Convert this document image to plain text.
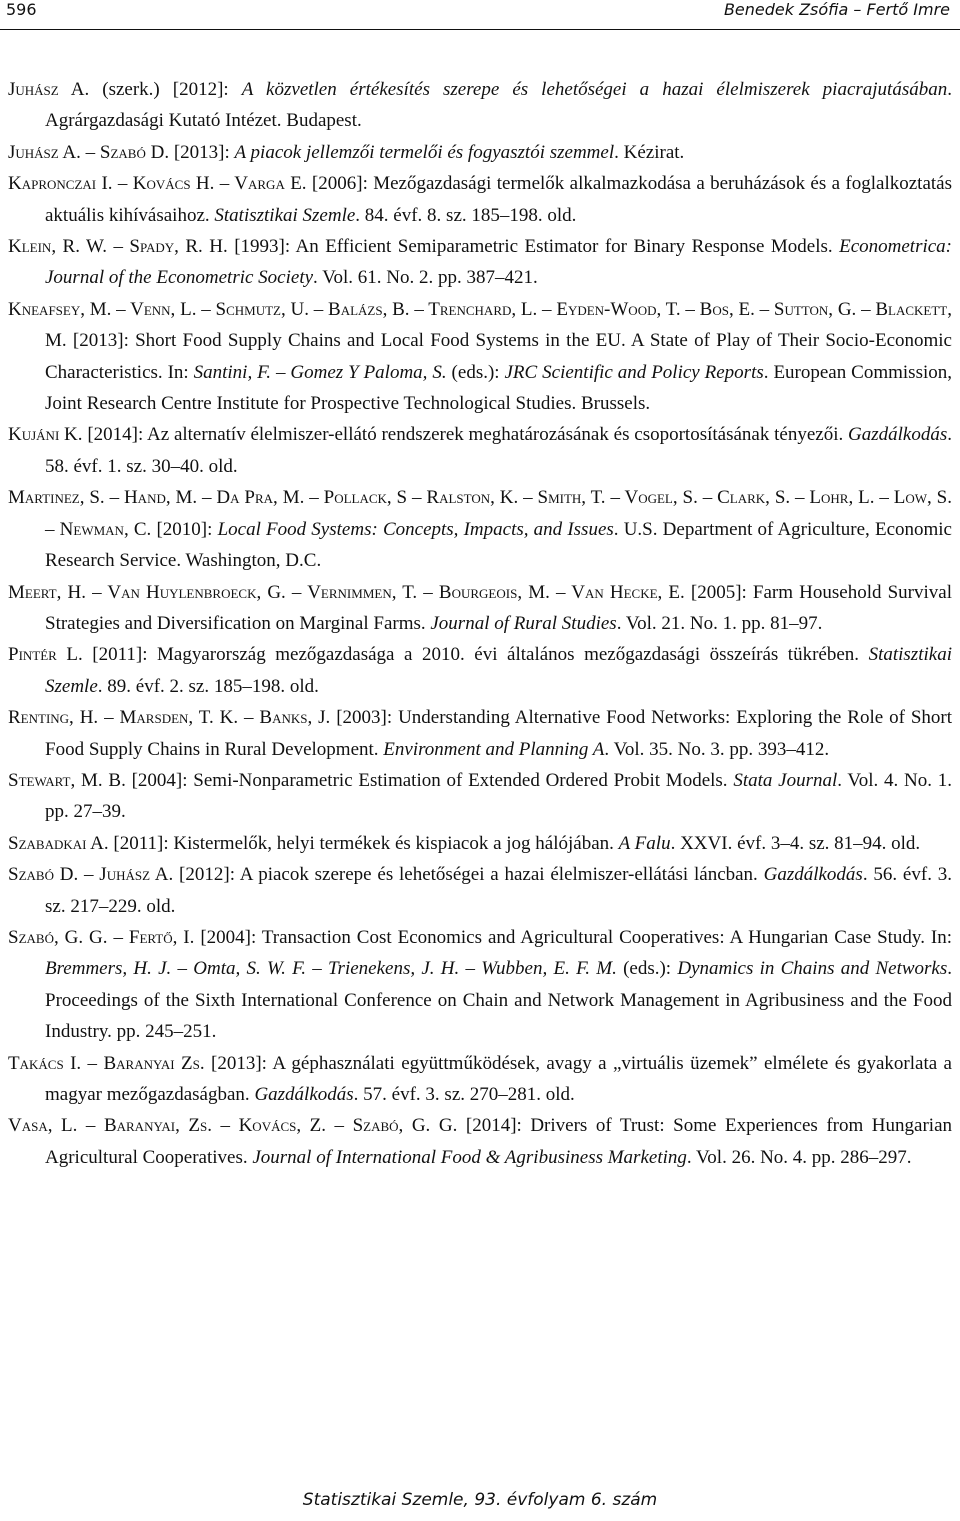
596	Benedek Zsófia – Fertő Imre

Juhász A. (szerk.) [2012]: A közvetlen értékesítés szerepe és lehetőségei a hazai élelmiszerek piacrajutásában. Agrárgazdasági Kutató Intézet. Budapest.

Juhász A. – Szabó D. [2013]: A piacok jellemzői termelői és fogyasztói szemmel. Kézirat.

Kapronczai I. – Kovács H. – Varga E. [2006]: Mezőgazdasági termelők alkalmazkodása a beruházások és a foglalkoztatás aktuális kihívásaihoz. Statisztikai Szemle. 84. évf. 8. sz. 185–198. old.

Klein, R. W. – Spady, R. H. [1993]: An Efficient Semiparametric Estimator for Binary Response Models. Econometrica: Journal of the Econometric Society. Vol. 61. No. 2. pp. 387–421.

Kneafsey, M. – Venn, L. – Schmutz, U. – Balázs, B. – Trenchard, L. – Eyden-Wood, T. – Bos, E. – Sutton, G. – Blackett, M. [2013]: Short Food Supply Chains and Local Food Systems in the EU. A State of Play of Their Socio-Economic Characteristics. In: Santini, F. – Gomez Y Paloma, S. (eds.): JRC Scientific and Policy Reports. European Commission, Joint Research Centre Institute for Prospective Technological Studies. Brussels.

Kujáni K. [2014]: Az alternatív élelmiszer-ellátó rendszerek meghatározásának és csoportosításának tényezői. Gazdálkodás. 58. évf. 1. sz. 30–40. old.

Martinez, S. – Hand, M. – Da Pra, M. – Pollack, S – Ralston, K. – Smith, T. – Vogel, S. – Clark, S. – Lohr, L. – Low, S. – Newman, C. [2010]: Local Food Systems: Concepts, Impacts, and Issues. U.S. Department of Agriculture, Economic Research Service. Washington, D.C.

Meert, H. – Van Huylenbroeck, G. – Vernimmen, T. – Bourgeois, M. – Van Hecke, E. [2005]: Farm Household Survival Strategies and Diversification on Marginal Farms. Journal of Rural Studies. Vol. 21. No. 1. pp. 81–97.

Pintér L. [2011]: Magyarország mezőgazdasága a 2010. évi általános mezőgazdasági összeírás tükrében. Statisztikai Szemle. 89. évf. 2. sz. 185–198. old.

Renting, H. – Marsden, T. K. – Banks, J. [2003]: Understanding Alternative Food Networks: Exploring the Role of Short Food Supply Chains in Rural Development. Environment and Planning A. Vol. 35. No. 3. pp. 393–412.

Stewart, M. B. [2004]: Semi-Nonparametric Estimation of Extended Ordered Probit Models. Stata Journal. Vol. 4. No. 1. pp. 27–39.

Szabadkai A. [2011]: Kistermelők, helyi termékek és kispiacok a jog hálójában. A Falu. XXVI. évf. 3–4. sz. 81–94. old.

Szabó D. – Juhász A. [2012]: A piacok szerepe és lehetőségei a hazai élelmiszer-ellátási láncban. Gazdálkodás. 56. évf. 3. sz. 217–229. old.

Szabó, G. G. – Fertő, I. [2004]: Transaction Cost Economics and Agricultural Cooperatives: A Hungarian Case Study. In: Bremmers, H. J. – Omta, S. W. F. – Trienekens, J. H. – Wubben, E. F. M. (eds.): Dynamics in Chains and Networks. Proceedings of the Sixth International Conference on Chain and Network Management in Agribusiness and the Food Industry. pp. 245–251.

Takács I. – Baranyai Zs. [2013]: A géphasználati együttműködések, avagy a „virtuális üzemek” elmélete és gyakorlata a magyar mezőgazdaságban. Gazdálkodás. 57. évf. 3. sz. 270–281. old.

Vasa, L. – Baranyai, Zs. – Kovács, Z. – Szabó, G. G. [2014]: Drivers of Trust: Some Experiences from Hungarian Agricultural Cooperatives. Journal of International Food & Agribusiness Marketing. Vol. 26. No. 4. pp. 286–297.

Statisztikai Szemle, 93. évfolyam 6. szám
